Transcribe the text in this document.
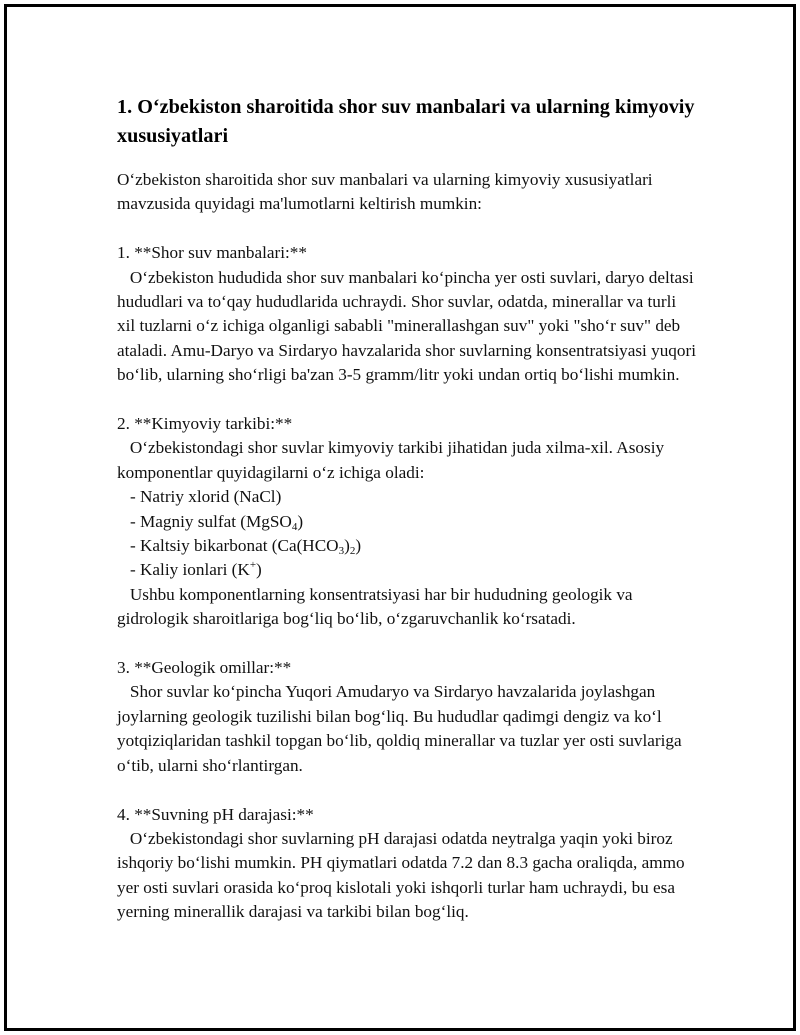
1. O‘zbekiston sharoitida shor suv manbalari va ularning kimyoviy xususiyatlari

O‘zbekiston sharoitida shor suv manbalari va ularning kimyoviy xususiyatlari mavzusida quyidagi ma'lumotlarni keltirish mumkin:

1. **Shor suv manbalari:**

O‘zbekiston hududida shor suv manbalari ko‘pincha yer osti suvlari, daryo deltasi hududlari va to‘qay hududlarida uchraydi. Shor suvlar, odatda, minerallar va turli xil tuzlarni o‘z ichiga olganligi sababli "minerallashgan suv" yoki "sho‘r suv" deb ataladi. Amu-Daryo va Sirdaryo havzalarida shor suvlarning konsentratsiyasi yuqori bo‘lib, ularning sho‘rligi ba'zan 3-5 gramm/litr yoki undan ortiq bo‘lishi mumkin.

2. **Kimyoviy tarkibi:**

O‘zbekistondagi shor suvlar kimyoviy tarkibi jihatidan juda xilma-xil. Asosiy komponentlar quyidagilarni o‘z ichiga oladi:

- Natriy xlorid (NaCl)

- Magniy sulfat (MgSO$_4$)

- Kaltsiy bikarbonat $(Ca(HCO_3)_2)$

- Kaliy ionlari (K+)

Ushbu komponentlarning konsentratsiyasi har bir hududning geologik va gidrologik sharoitlariga bog‘liq bo‘lib, o‘zgaruvchanlik ko‘rsatadi.

3. **Geologik omillar:**

Shor suvlar ko‘pincha Yuqori Amudaryo va Sirdaryo havzalarida joylashgan joylarning geologik tuzilishi bilan bog‘liq. Bu hududlar qadimgi dengiz va ko‘l yotqiziqlaridan tashkil topgan bo‘lib, qoldiq minerallar va tuzlar yer osti suvlariga o‘tib, ularni sho‘rlantirgan.

4. **Suvning pH darajasi:**

O‘zbekistondagi shor suvlarning pH darajasi odatda neytralga yaqin yoki biroz ishqoriy bo‘lishi mumkin. PH qiymatlari odatda 7.2 dan 8.3 gacha oraliqda, ammo yer osti suvlari orasida ko‘proq kislotali yoki ishqorli turlar ham uchraydi, bu esa yerning minerallik darajasi va tarkibi bilan bog‘liq.
